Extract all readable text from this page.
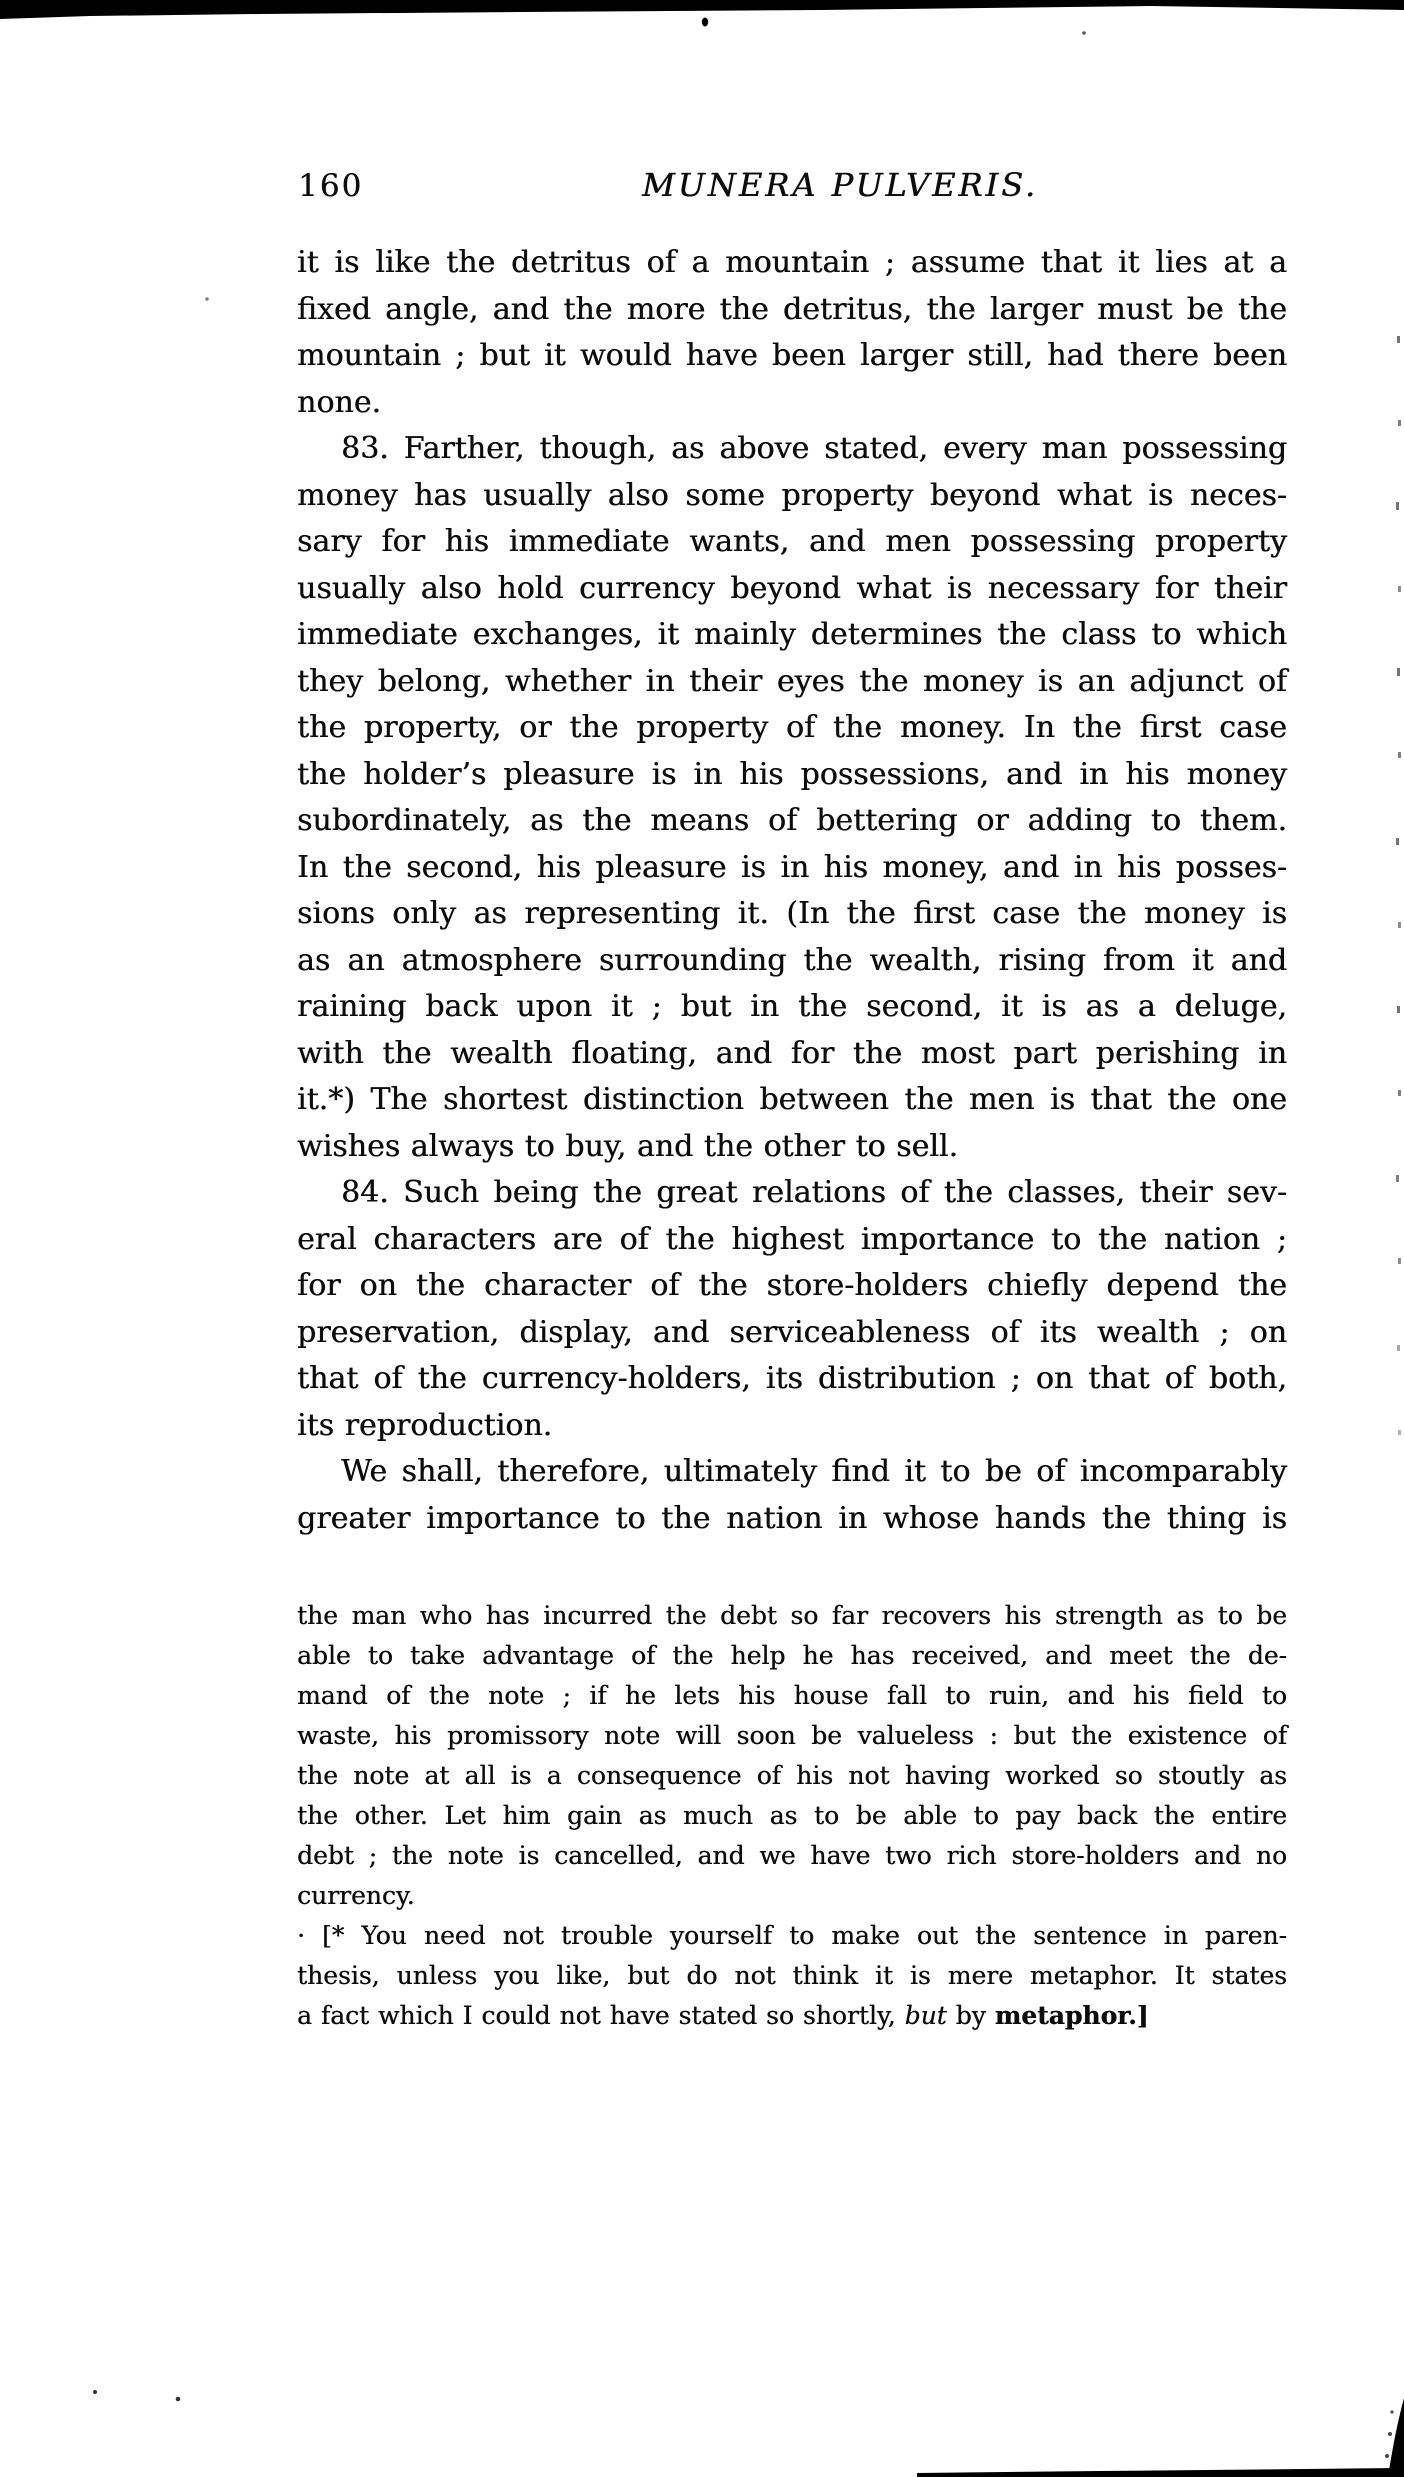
160	MUNERA PULVERIS.
it is like the detritus of a mountain ; assume that it lies at a
fixed angle, and the more the detritus, the larger must be the
mountain ; but it would have been larger still, had there been
none.
83. Farther, though, as above stated, every man possessing
money has usually also some property beyond what is neces-
sary for his immediate wants, and men possessing property
usually also hold currency beyond what is necessary for their
immediate exchanges, it mainly determines the class to which
they belong, whether in their eyes the money is an adjunct of
the property, or the property of the money. In the first case
the holder’s pleasure is in his possessions, and in his money
subordinately, as the means of bettering or adding to them.
In the second, his pleasure is in his money, and in his posses-
sions only as representing it. (In the first case the money is
as an atmosphere surrounding the wealth, rising from it and
raining back upon it ; but in the second, it is as a deluge,
with the wealth floating, and for the most part perishing in
it.*) The shortest distinction between the men is that the one
wishes always to buy, and the other to sell.
84. Such being the great relations of the classes, their sev-
eral characters are of the highest importance to the nation ;
for on the character of the store-holders chiefly depend the
preservation, display, and serviceableness of its wealth ; on
that of the currency-holders, its distribution ; on that of both,
its reproduction.
We shall, therefore, ultimately find it to be of incomparably
greater importance to the nation in whose hands the thing is
the man who has incurred the debt so far recovers his strength as to be
able to take advantage of the help he has received, and meet the de-
mand of the note ; if he lets his house fall to ruin, and his field to
waste, his promissory note will soon be valueless : but the existence of
the note at all is a consequence of his not having worked so stoutly as
the other. Let him gain as much as to be able to pay back the entire
debt ; the note is cancelled, and we have two rich store-holders and no
currency.
· [* You need not trouble yourself to make out the sentence in paren-
thesis, unless you like, but do not think it is mere metaphor. It states
a fact which I could not have stated so shortly, but by metaphor.]
